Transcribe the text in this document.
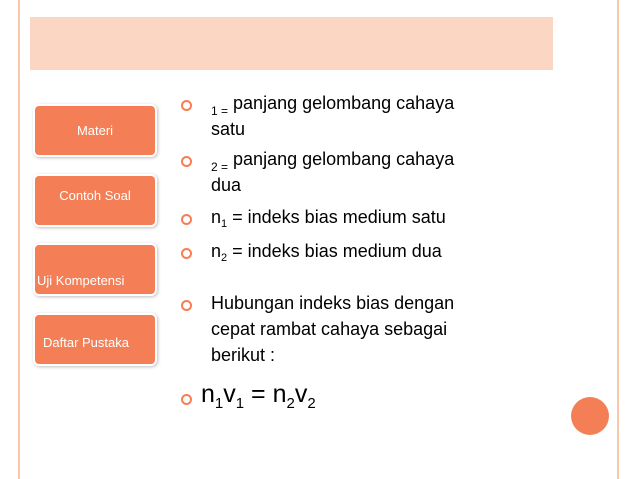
Materi
Contoh Soal
Uji Kompetensi
Daftar Pustaka
$_{1 =}$ panjang gelombang cahaya
satu
$_{2 =}$ panjang gelombang cahaya
dua
$n_1$ = indeks bias medium satu
$n_2$ = indeks bias medium dua
Hubungan indeks bias dengan
cepat rambat cahaya sebagai
berikut :
$n_1v_1 = n_2v_2$
